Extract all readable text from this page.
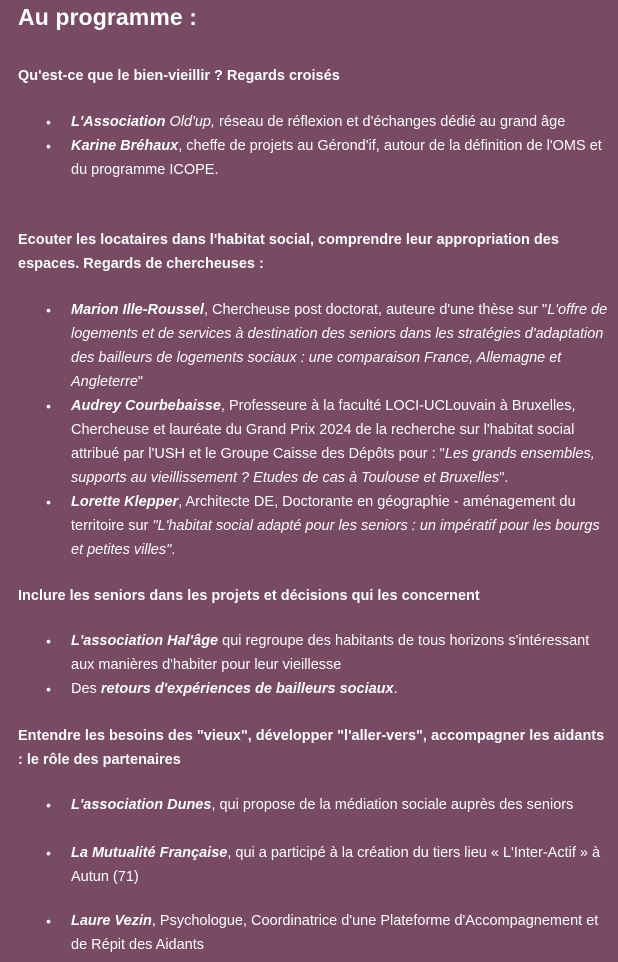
Au programme :
Qu'est-ce que le bien-vieillir ? Regards croisés
• L'Association Old'up, réseau de réflexion et d'échanges dédié au grand âge
• Karine Bréhaux, cheffe de projets au Gérond'if, autour de la définition de l'OMS et du programme ICOPE.
Ecouter les locataires dans l'habitat social, comprendre leur appropriation des espaces. Regards de chercheuses :
• Marion Ille-Roussel, Chercheuse post doctorat, auteure d'une thèse sur "L'offre de logements et de services à destination des seniors dans les stratégies d'adaptation des bailleurs de logements sociaux : une comparaison France, Allemagne et Angleterre"
• Audrey Courbebaisse, Professeure à la faculté LOCI-UCLouvain à Bruxelles, Chercheuse et lauréate du Grand Prix 2024 de la recherche sur l'habitat social attribué par l'USH et le Groupe Caisse des Dépôts pour : "Les grands ensembles, supports au vieillissement ? Etudes de cas à Toulouse et Bruxelles".
• Lorette Klepper, Architecte DE, Doctorante en géographie - aménagement du territoire sur "L'habitat social adapté pour les seniors : un impératif pour les bourgs et petites villes".
Inclure les seniors dans les projets et décisions qui les concernent
• L'association Hal'âge qui regroupe des habitants de tous horizons s'intéressant aux manières d'habiter pour leur vieillesse
• Des retours d'expériences de bailleurs sociaux.
Entendre les besoins des "vieux", développer "l'aller-vers", accompagner les aidants : le rôle des partenaires
• L'association Dunes, qui propose de la médiation sociale auprès des seniors
• La Mutualité Française, qui a participé à la création du tiers lieu « L'Inter-Actif » à Autun (71)
• Laure Vezin, Psychologue, Coordinatrice d'une Plateforme d'Accompagnement et de Répit des Aidants
